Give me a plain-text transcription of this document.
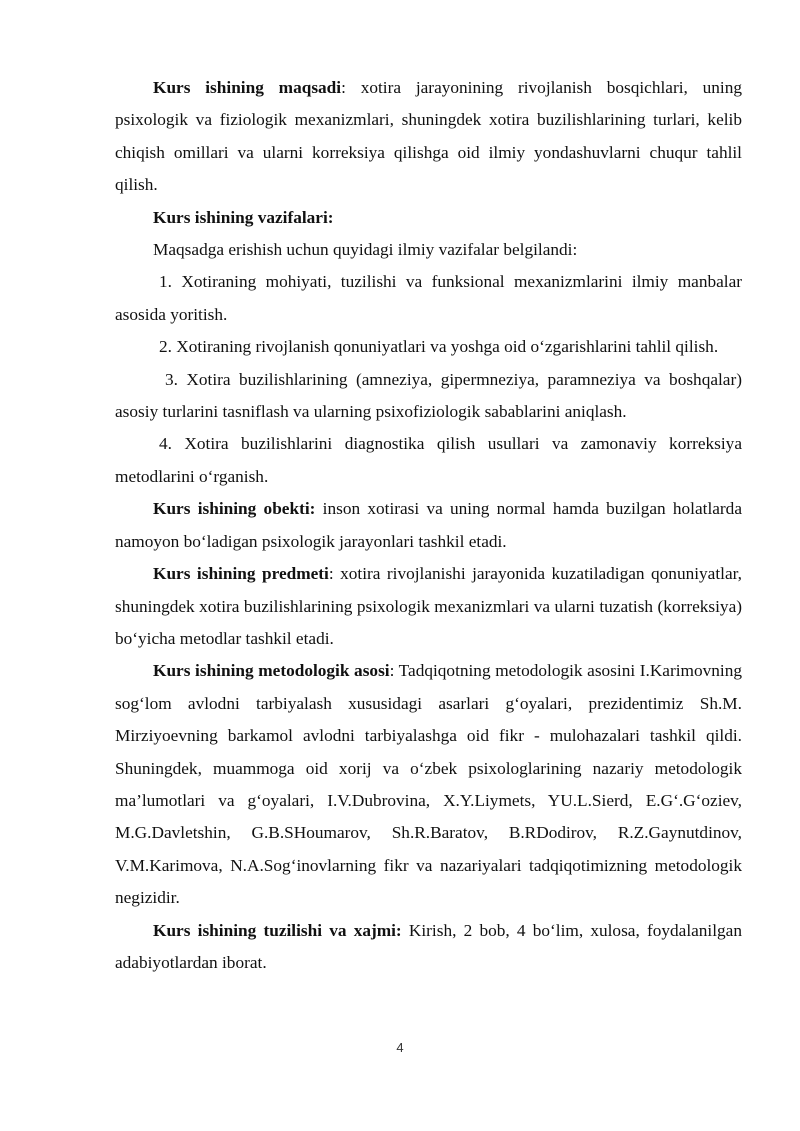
Kurs ishining maqsadi: xotira jarayonining rivojlanish bosqichlari, uning psixologik va fiziologik mexanizmlari, shuningdek xotira buzilishlarining turlari, kelib chiqish omillari va ularni korreksiya qilishga oid ilmiy yondashuvlarni chuqur tahlil qilish.

Kurs ishining vazifalari:

Maqsadga erishish uchun quyidagi ilmiy vazifalar belgilandi:

1. Xotiraning mohiyati, tuzilishi va funksional mexanizmlarini ilmiy manbalar asosida yoritish.

2. Xotiraning rivojlanish qonuniyatlari va yoshga oid o‘zgarishlarini tahlil qilish.

3. Xotira buzilishlarining (amneziya, gipermneziya, paramneziya va boshqalar) asosiy turlarini tasniflash va ularning psixofiziologik sabablarini aniqlash.

4. Xotira buzilishlarini diagnostika qilish usullari va zamonaviy korreksiya metodlarini o‘rganish.

Kurs ishining obekti: inson xotirasi va uning normal hamda buzilgan holatlarda namoyon bo‘ladigan psixologik jarayonlari tashkil etadi.

Kurs ishining predmeti: xotira rivojlanishi jarayonida kuzatiladigan qonuniyatlar, shuningdek xotira buzilishlarining psixologik mexanizmlari va ularni tuzatish (korreksiya) bo‘yicha metodlar tashkil etadi.

Kurs ishining metodologik asosi: Tadqiqotning metodologik asosini I.Karimovning sog‘lom avlodni tarbiyalash xususidagi asarlari g‘oyalari, prezidentimiz Sh.M. Mirziyoevning barkamol avlodni tarbiyalashga oid fikr - mulohazalari tashkil qildi. Shuningdek, muammoga oid xorij va o‘zbek psixologlarining nazariy metodologik ma’lumotlari va g‘oyalari, I.V.Dubrovina, X.Y.Liymets, YU.L.Sierd, E.G‘.G‘oziev, M.G.Davletshin, G.B.SHoumarov, Sh.R.Baratov, B.RDodirov, R.Z.Gaynutdinov, V.M.Karimova, N.A.Sog‘inovlarning fikr va nazariyalari tadqiqotimizning metodologik negizidir.

Kurs ishining tuzilishi va xajmi: Kirish, 2 bob, 4 bo‘lim, xulosa, foydalanilgan adabiyotlardan iborat.

4
